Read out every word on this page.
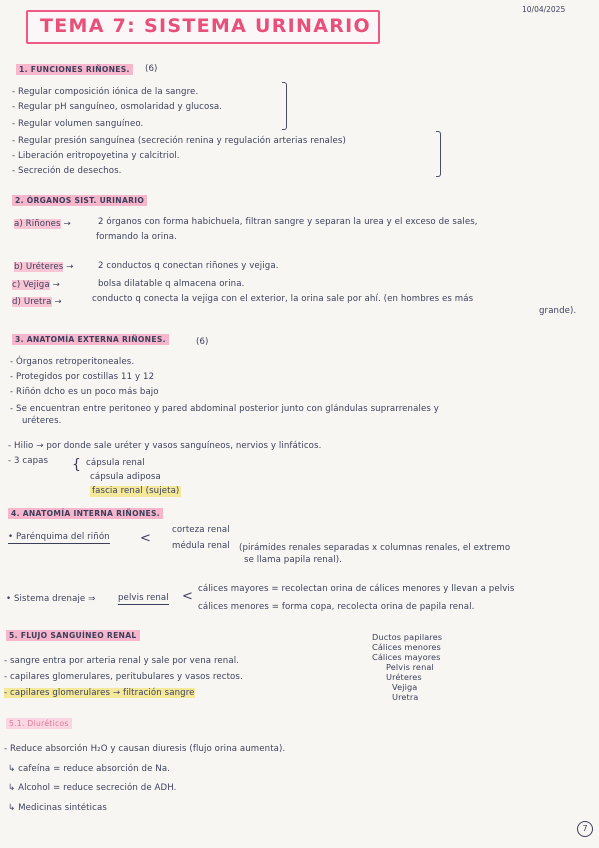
10/04/2025
TEMA 7: SISTEMA URINARIO
1. FUNCIONES RIÑONES.	(6)
- Regular composición iónica de la sangre.
- Regular pH sanguíneo, osmolaridad y glucosa.
- Regular volumen sanguíneo.
- Regular presión sanguínea (secreción renina y regulación arterias renales)
- Liberación eritropoyetina y calcitriol.
- Secreción de desechos.
2. ÓRGANOS SIST. URINARIO
a) Riñones →	2 órganos con forma habichuela, filtran sangre y separan la urea y el exceso de sales,
formando la orina.
b) Uréteres →	2 conductos q conectan riñones y vejiga.
c) Vejiga →	bolsa dilatable q almacena orina.
d) Uretra →	conducto q conecta la vejiga con el exterior, la orina sale por ahí. (en hombres es más
grande).
3. ANATOMÍA EXTERNA RIÑONES.	(6)
- Órganos retroperitoneales.
- Protegidos por costillas 11 y 12
- Riñón dcho es un poco más bajo
- Se encuentran entre peritoneo y pared abdominal posterior junto con glándulas suprarrenales y
uréteres.
- Hilio → por donde sale uréter y vasos sanguíneos, nervios y linfáticos.
- 3 capas { cápsula renal
cápsula adiposa
fascia renal (sujeta)
4. ANATOMÍA INTERNA RIÑONES.
• Parénquima del riñón <
corteza renal
médula renal (pirámides renales separadas x columnas renales, el extremo
se llama papila renal).
• Sistema drenaje ⇒	pelvis renal < cálices mayores = recolectan orina de cálices menores y llevan a pelvis
cálices menores = forma copa, recolecta orina de papila renal.
5. FLUJO SANGUÍNEO RENAL
- sangre entra por arteria renal y sale por vena renal.
- capilares glomerulares, peritubulares y vasos rectos.
- capilares glomerulares → filtración sangre
Ductos papilares
Cálices menores
Cálices mayores
Pelvis renal
Uréteres
Vejiga
Uretra
5.1. Diuréticos
- Reduce absorción H₂O y causan diuresis (flujo orina aumenta).
↳ cafeína = reduce absorción de Na.
↳ Alcohol = reduce secreción de ADH.
↳ Medicinas sintéticas
7
